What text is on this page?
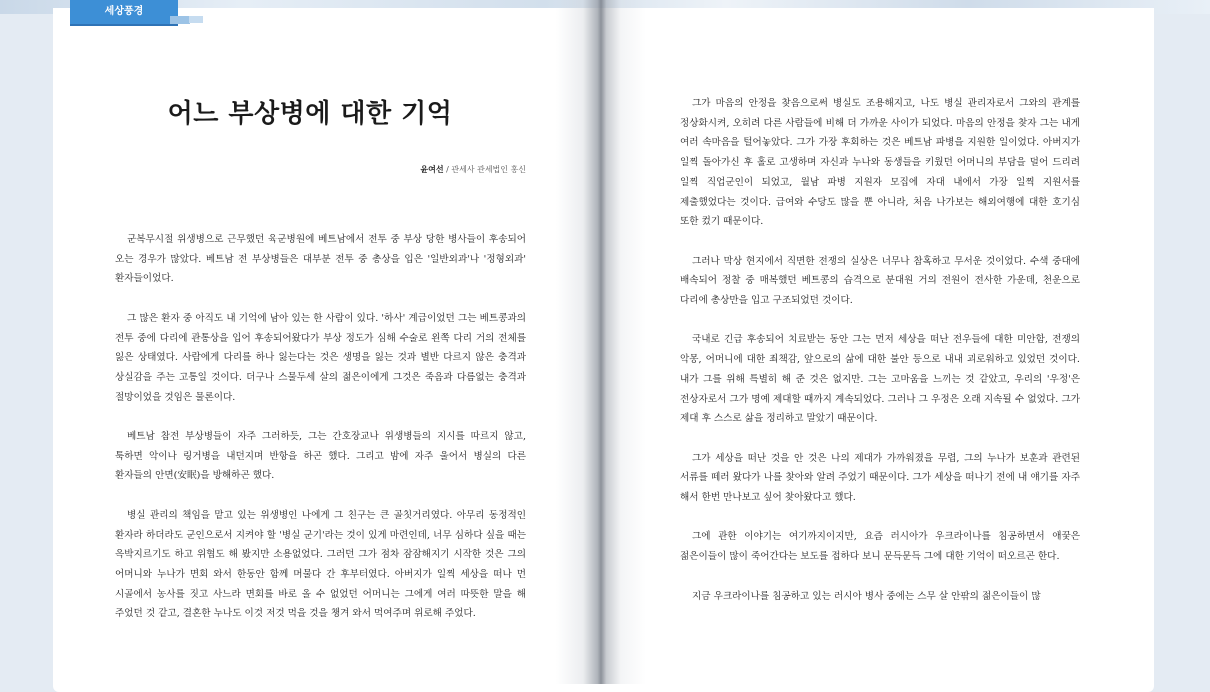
세상풍경
어느 부상병에 대한 기억
윤여선 / 관세사 관세법인 홍신

군복무시절 위생병으로 근무했던 육군병원에 베트남에서 전투 중 부상 당한 병사들이 후송되어 오는 경우가 많았다. 베트남 전 부상병들은 대부분 전투 중 총상을 입은 '일반외과'나 '정형외과' 환자들이었다.

그 많은 환자 중 아직도 내 기억에 남아 있는 한 사람이 있다. '하사' 계급이었던 그는 베트콩과의 전투 중에 다리에 관통상을 입어 후송되어왔다가 부상 정도가 심해 수술로 왼쪽 다리 거의 전체를 잃은 상태였다. 사람에게 다리를 하나 잃는다는 것은 생명을 잃는 것과 별반 다르지 않은 충격과 상실감을 주는 고통일 것이다. 더구나 스물두세 살의 젊은이에게 그것은 죽음과 다름없는 충격과 절망이었을 것임은 물론이다.

베트남 참전 부상병들이 자주 그러하듯, 그는 간호장교나 위생병들의 지시를 따르지 않고, 툭하면 악이나 링거병을 내던지며 반항을 하곤 했다. 그리고 밤에 자주 울어서 병실의 다른 환자들의 안면(安眠)을 방해하곤 했다.

병실 관리의 책임을 맡고 있는 위생병인 나에게 그 친구는 큰 골칫거리였다. 아무리 동정적인 환자라 하더라도 군인으로서 지켜야 할 '병실 군기'라는 것이 있게 마련인데, 너무 심하다 싶을 때는 윽박지르기도 하고 위협도 해 봤지만 소용없었다. 그러던 그가 점차 잠잠해지기 시작한 것은 그의 어머니와 누나가 면회 와서 한동안 함께 머물다 간 후부터였다. 아버지가 일찍 세상을 떠나 먼 시골에서 농사를 짓고 사느라 면회를 바로 올 수 없었던 어머니는 그에게 여러 따뜻한 말을 해 주었던 것 같고, 결혼한 누나도 이것 저것 먹을 것을 챙겨 와서 먹여주며 위로해 주었다.

그가 마음의 안정을 찾음으로써 병실도 조용해지고, 나도 병실 관리자로서 그와의 관계를 정상화시켜, 오히려 다른 사람들에 비해 더 가까운 사이가 되었다. 마음의 안정을 찾자 그는 내게 여러 속마음을 털어놓았다. 그가 가장 후회하는 것은 베트남 파병을 지원한 일이었다. 아버지가 일찍 돌아가신 후 홀로 고생하며 자신과 누나와 동생들을 키웠던 어머니의 부담을 덜어 드리려 일찍 직업군인이 되었고, 월남 파병 지원자 모집에 자대 내에서 가장 일찍 지원서를 제출했었다는 것이다. 급여와 수당도 많을 뿐 아니라, 처음 나가보는 해외여행에 대한 호기심 또한 컸기 때문이다.

그러나 막상 현지에서 직면한 전쟁의 실상은 너무나 참혹하고 무서운 것이었다. 수색 중대에 배속되어 정찰 중 매복했던 베트콩의 습격으로 분대원 거의 전원이 전사한 가운데, 천운으로 다리에 총상만을 입고 구조되었던 것이다.

국내로 긴급 후송되어 치료받는 동안 그는 먼저 세상을 떠난 전우들에 대한 미안함, 전쟁의 악몽, 어머니에 대한 죄책감, 앞으로의 삶에 대한 불안 등으로 내내 괴로워하고 있었던 것이다. 내가 그를 위해 특별히 해 준 것은 없지만. 그는 고마움을 느끼는 것 같았고, 우리의 '우정'은 전상자로서 그가 명예 제대할 때까지 계속되었다. 그러나 그 우정은 오래 지속될 수 없었다. 그가 제대 후 스스로 삶을 정리하고 말았기 때문이다.

그가 세상을 떠난 것을 안 것은 나의 제대가 가까워졌을 무렵, 그의 누나가 보훈과 관련된 서류를 떼러 왔다가 나를 찾아와 알려 주었기 때문이다. 그가 세상을 떠나기 전에 내 얘기를 자주 해서 한번 만나보고 싶어 찾아왔다고 했다.

그에 관한 이야기는 여기까지이지만, 요즘 러시아가 우크라이나를 침공하면서 애꿎은 젊은이들이 많이 죽어간다는 보도를 접하다 보니 문득문득 그에 대한 기억이 떠오르곤 한다.

지금 우크라이나를 침공하고 있는 러시아 병사 중에는 스무 살 안팎의 젊은이들이 많
